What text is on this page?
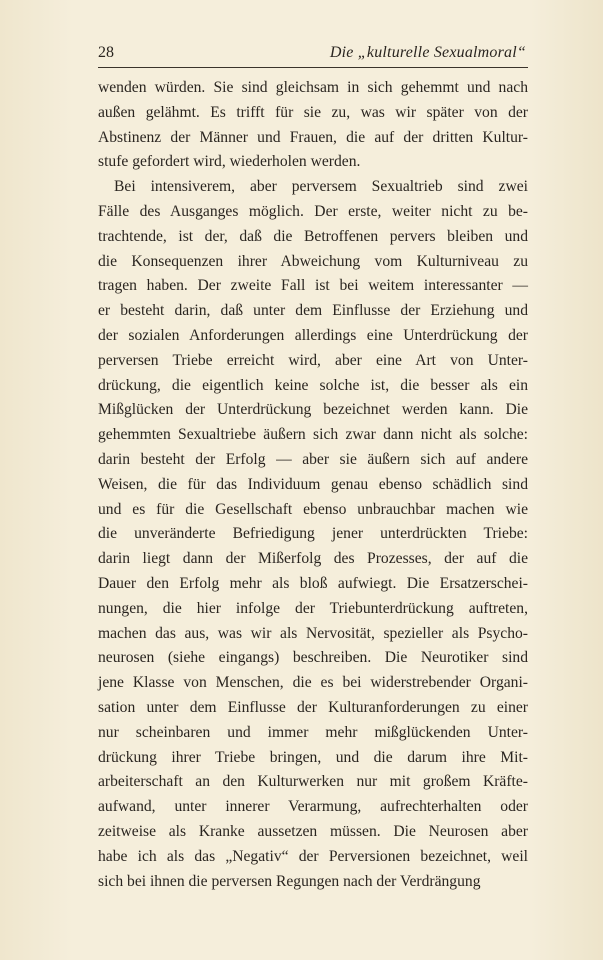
28	Die „kulturelle Sexualmoral“
wenden würden. Sie sind gleichsam in sich gehemmt und nach
außen gelähmt. Es trifft für sie zu, was wir später von der
Abstinenz der Männer und Frauen, die auf der dritten Kultur-
stufe gefordert wird, wiederholen werden.
Bei intensiverem, aber perversem Sexualtrieb sind zwei
Fälle des Ausganges möglich. Der erste, weiter nicht zu be-
trachtende, ist der, daß die Betroffenen pervers bleiben und
die Konsequenzen ihrer Abweichung vom Kulturniveau zu
tragen haben. Der zweite Fall ist bei weitem interessanter —
er besteht darin, daß unter dem Einflusse der Erziehung und
der sozialen Anforderungen allerdings eine Unterdrückung der
perversen Triebe erreicht wird, aber eine Art von Unter-
drückung, die eigentlich keine solche ist, die besser als ein
Mißglücken der Unterdrückung bezeichnet werden kann. Die
gehemmten Sexualtriebe äußern sich zwar dann nicht als solche:
darin besteht der Erfolg — aber sie äußern sich auf andere
Weisen, die für das Individuum genau ebenso schädlich sind
und es für die Gesellschaft ebenso unbrauchbar machen wie
die unveränderte Befriedigung jener unterdrückten Triebe:
darin liegt dann der Mißerfolg des Prozesses, der auf die
Dauer den Erfolg mehr als bloß aufwiegt. Die Ersatzerschei-
nungen, die hier infolge der Triebunterdrückung auftreten,
machen das aus, was wir als Nervosität, spezieller als Psycho-
neurosen (siehe eingangs) beschreiben. Die Neurotiker sind
jene Klasse von Menschen, die es bei widerstrebender Organi-
sation unter dem Einflusse der Kulturanforderungen zu einer
nur scheinbaren und immer mehr mißglückenden Unter-
drückung ihrer Triebe bringen, und die darum ihre Mit-
arbeiterschaft an den Kulturwerken nur mit großem Kräfte-
aufwand, unter innerer Verarmung, aufrechterhalten oder
zeitweise als Kranke aussetzen müssen. Die Neurosen aber
habe ich als das „Negativ“ der Perversionen bezeichnet, weil
sich bei ihnen die perversen Regungen nach der Verdrängung
